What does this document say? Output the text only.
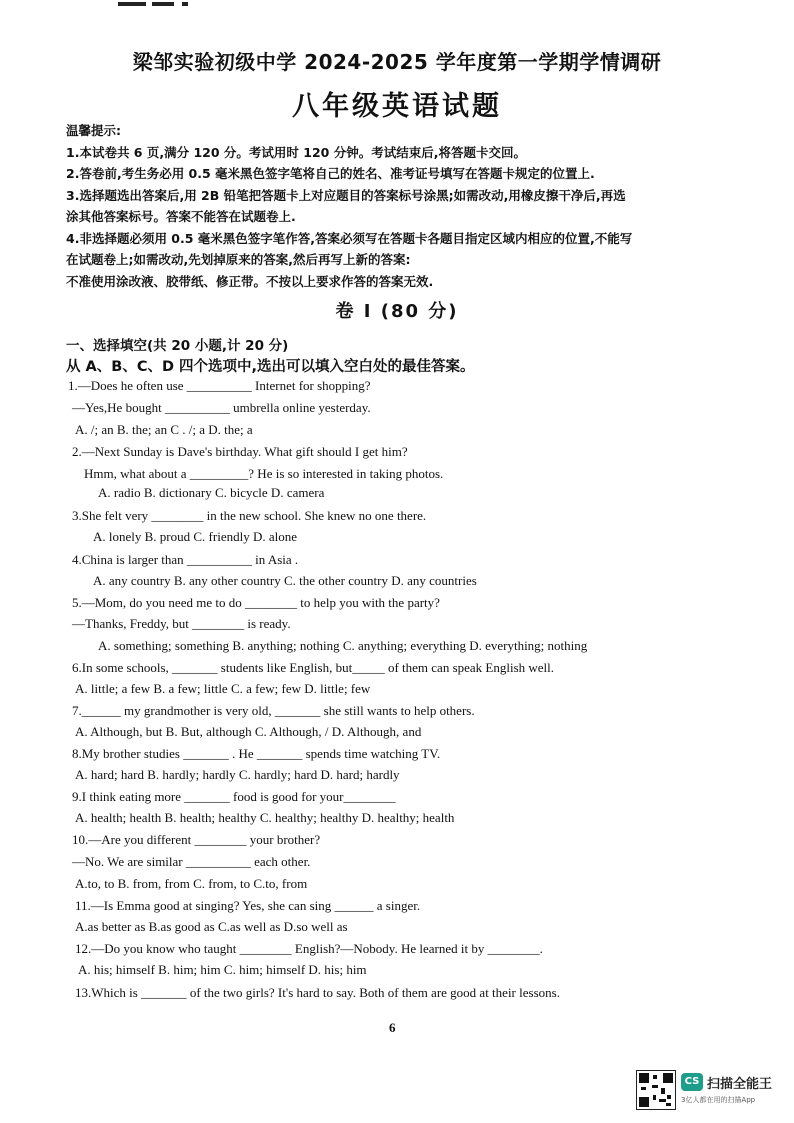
梁邹实验初级中学 2024-2025 学年度第一学期学情调研
八年级英语试题
温馨提示:
1.本试卷共 6 页,满分 120 分。考试用时 120 分钟。考试结束后,将答题卡交回。
2.答卷前,考生务必用 0.5 毫米黑色签字笔将自己的姓名、准考证号填写在答题卡规定的位置上.
3.选择题选出答案后,用 2B 铅笔把答题卡上对应题目的答案标号涂黑;如需改动,用橡皮擦干净后,再选
涂其他答案标号。答案不能答在试题卷上.
4.非选择题必须用 0.5 毫米黑色签字笔作答,答案必须写在答题卡各题目指定区域内相应的位置,不能写
在试题卷上;如需改动,先划掉原来的答案,然后再写上新的答案:
不准使用涂改液、胶带纸、修正带。不按以上要求作答的答案无效.
卷 I (80 分)
一、选择填空(共 20 小题,计 20 分)
从 A、B、C、D 四个选项中,选出可以填入空白处的最佳答案。
1.—Does he often use __________ Internet for shopping?
—Yes,He bought __________ umbrella online yesterday.
A. /; an B. the; an C . /; a D. the; a
2.—Next Sunday is Dave's birthday. What gift should I get him?
Hmm, what about a _________? He is so interested in taking photos.
A. radio B. dictionary C. bicycle D. camera
3.She felt very ________ in the new school. She knew no one there.
A. lonely B. proud C. friendly D. alone
4.China is larger than __________ in Asia .
A. any country B. any other country C. the other country D. any countries
5.—Mom, do you need me to do ________ to help you with the party?
—Thanks, Freddy, but ________ is ready.
A. something; something B. anything; nothing C. anything; everything D. everything; nothing
6.In some schools, _______ students like English, but_____ of them can speak English well.
A. little; a few B. a few; little C. a few; few D. little; few
7.______ my grandmother is very old, _______ she still wants to help others.
A. Although, but B. But, although C. Although, / D. Although, and
8.My brother studies _______ . He _______ spends time watching TV.
A. hard; hard B. hardly; hardly C. hardly; hard D. hard; hardly
9.I think eating more _______ food is good for your________
A. health; health B. health; healthy C. healthy; healthy D. healthy; health
10.—Are you different ________ your brother?
—No. We are similar __________ each other.
A.to, to B. from, from C. from, to C.to, from
11.—Is Emma good at singing? Yes, she can sing ______ a singer.
A.as better as B.as good as C.as well as D.so well as
12.—Do you know who taught ________ English?—Nobody. He learned it by ________.
A. his; himself B. him; him C. him; himself D. his; him
13.Which is _______ of the two girls? It's hard to say. Both of them are good at their lessons.
6
CS 扫描全能王
3亿人都在用的扫描App
